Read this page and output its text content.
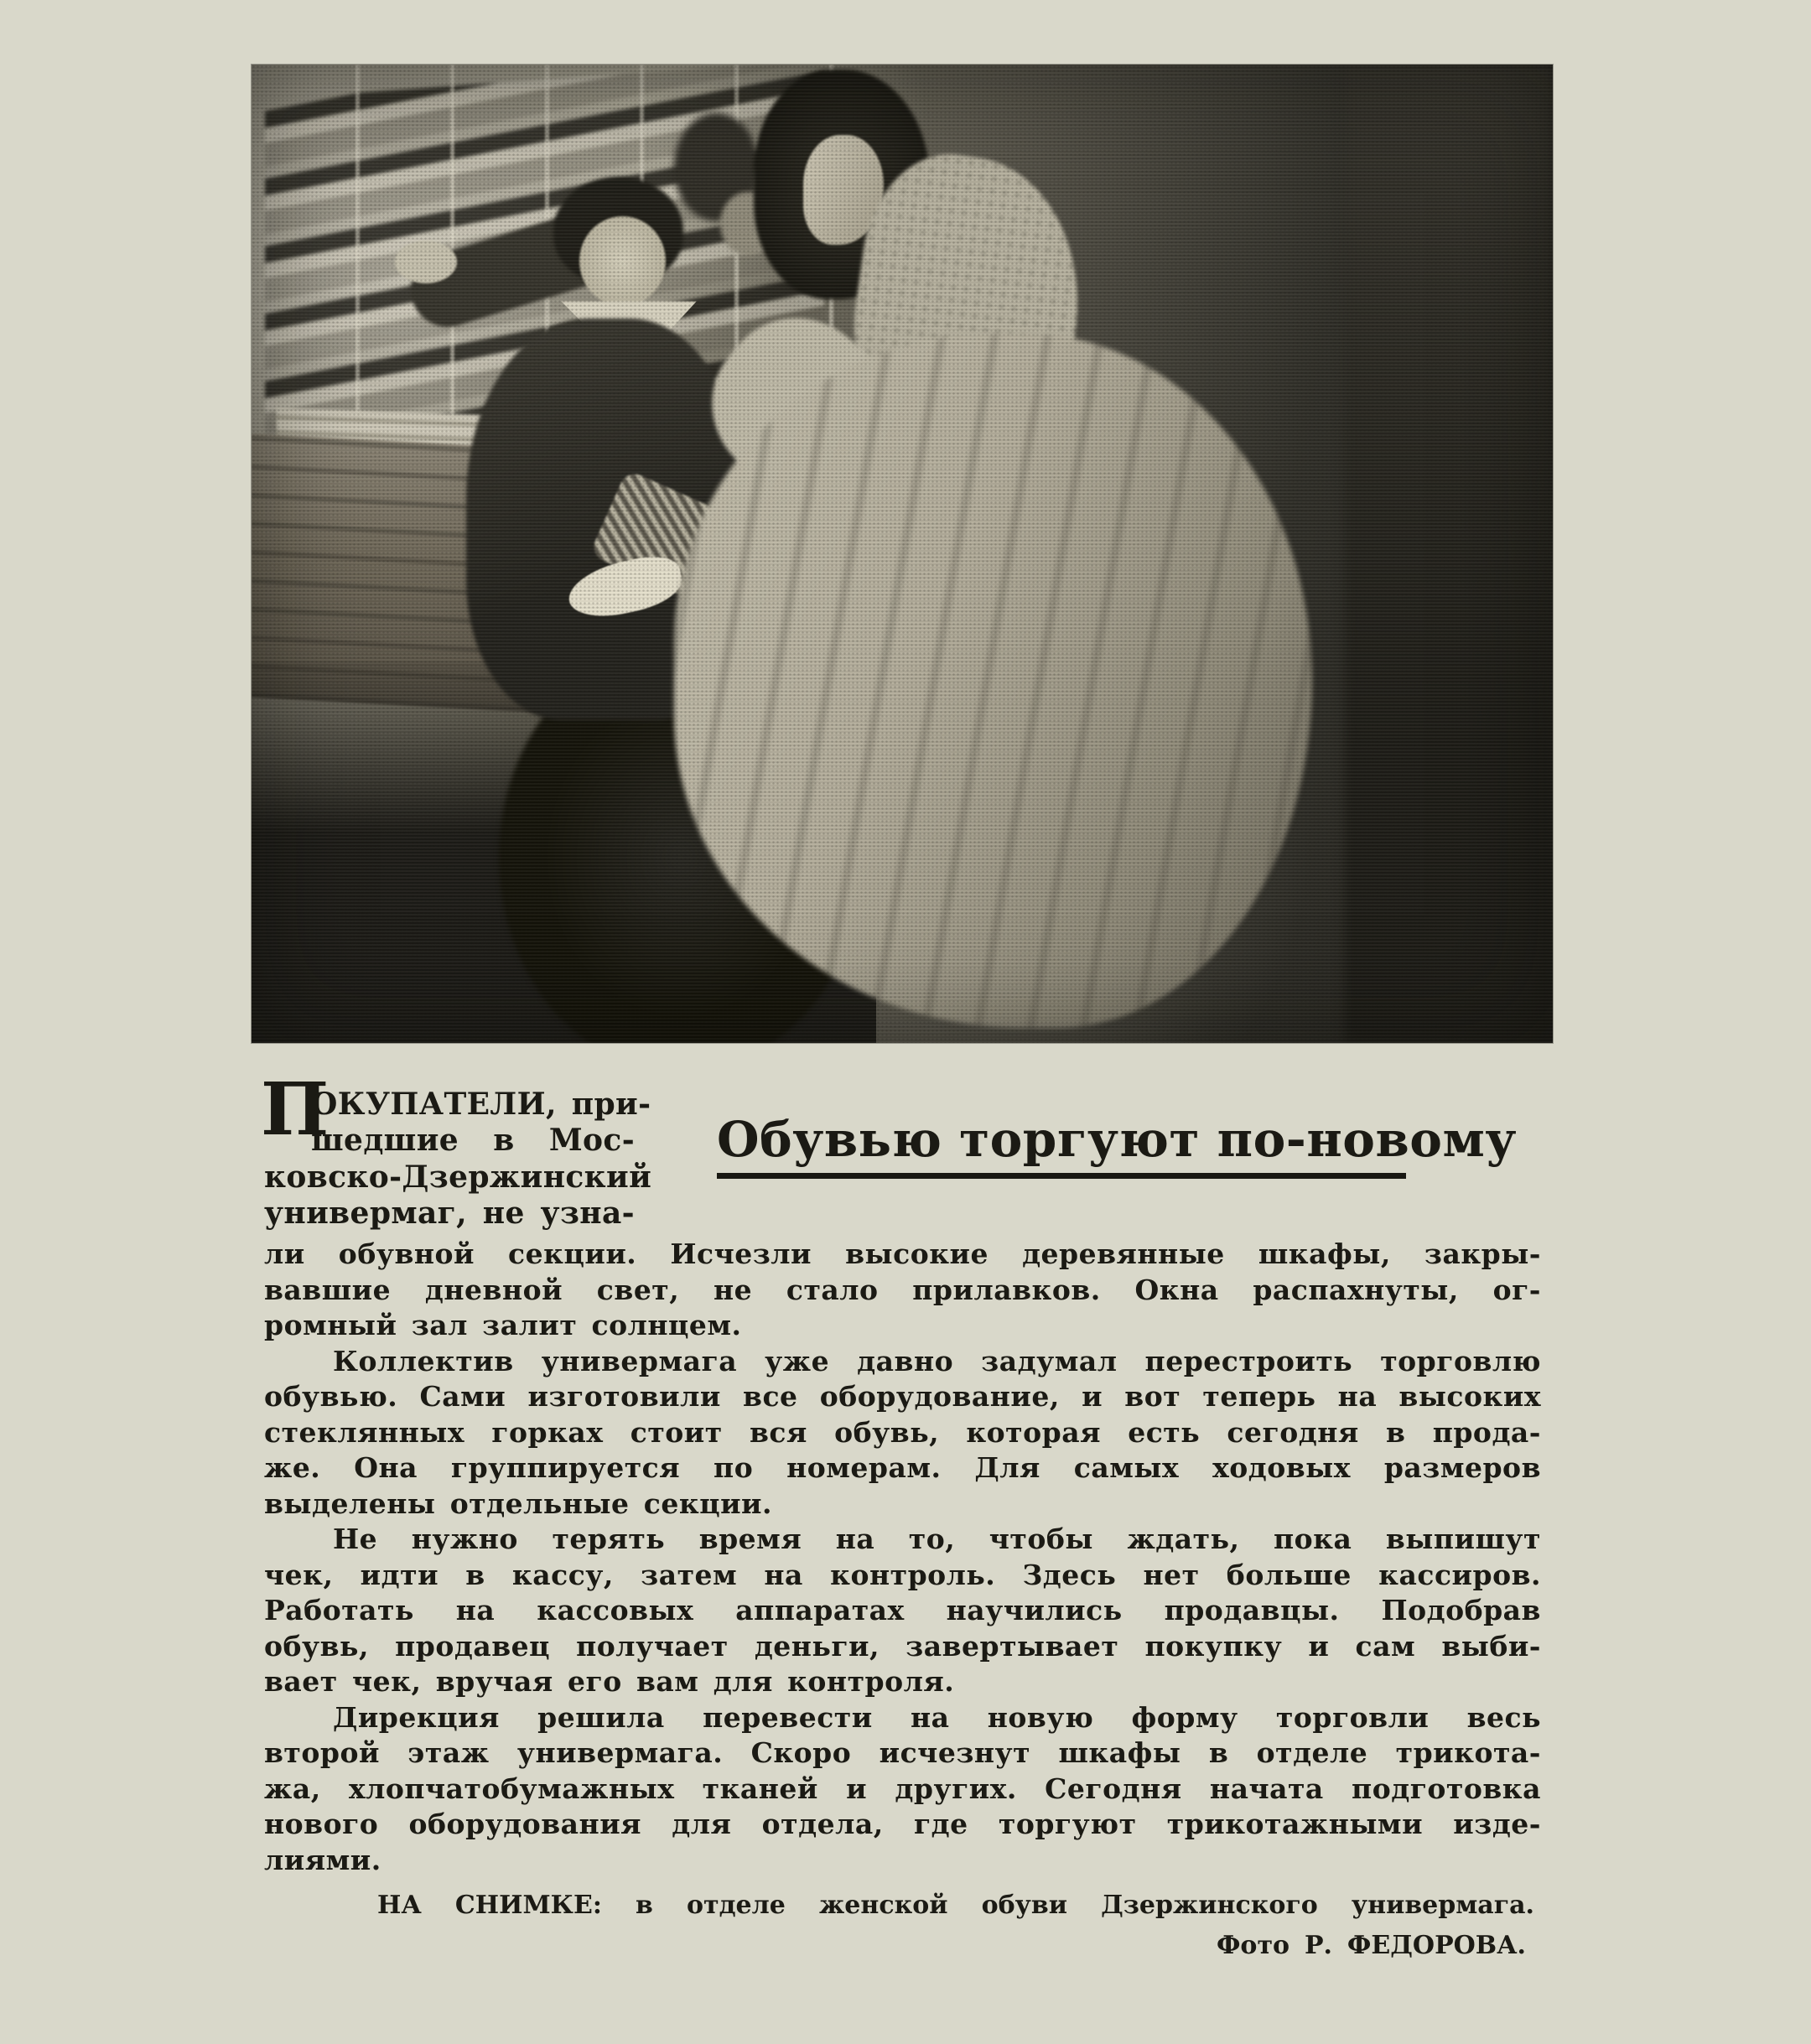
П
ОКУПАТЕЛИ, при-
шедшие в Мос-
ковско-Дзержинский
универмаг, не узна-
Обувью торгуют по-новому
ли обувной секции. Исчезли высокие деревянные шкафы, закры-
вавшие дневной свет, не стало прилавков. Окна распахнуты, ог-
ромный зал залит солнцем.
Коллектив универмага уже давно задумал перестроить торговлю
обувью. Сами изготовили все оборудование, и вот теперь на высоких
стеклянных горках стоит вся обувь, которая есть сегодня в прода-
же. Она группируется по номерам. Для самых ходовых размеров
выделены отдельные секции.
Не нужно терять время на то, чтобы ждать, пока выпишут
чек, идти в кассу, затем на контроль. Здесь нет больше кассиров.
Работать на кассовых аппаратах научились продавцы. Подобрав
обувь, продавец получает деньги, завертывает покупку и сам выби-
вает чек, вручая его вам для контроля.
Дирекция решила перевести на новую форму торговли весь
второй этаж универмага. Скоро исчезнут шкафы в отделе трикота-
жа, хлопчатобумажных тканей и других. Сегодня начата подготовка
нового оборудования для отдела, где торгуют трикотажными изде-
лиями.
НА СНИМКЕ: в отделе женской обуви Дзержинского универмага.
Фото Р. ФЕДОРОВА.
